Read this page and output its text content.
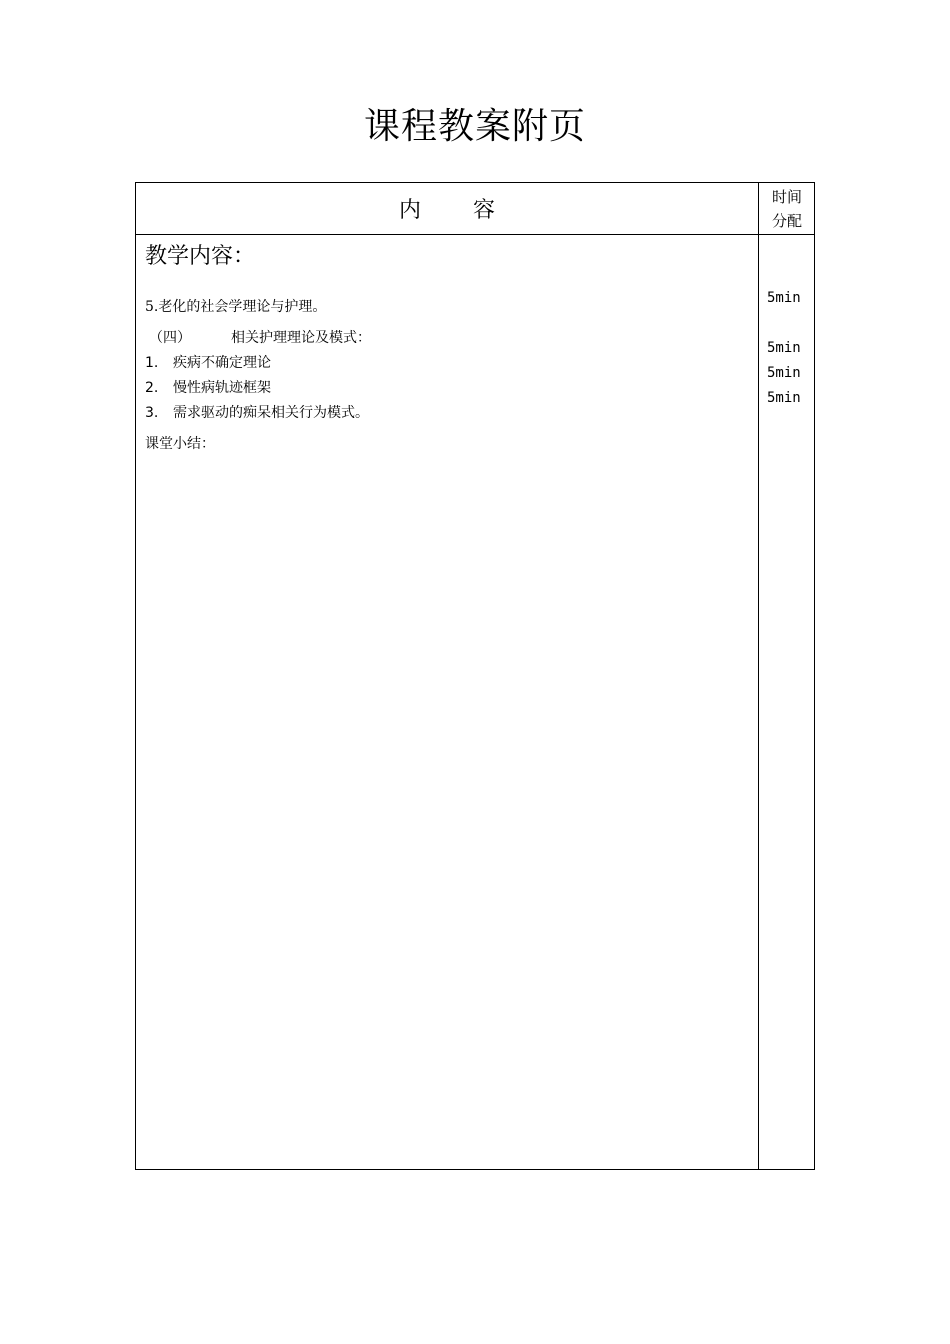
课程教案附页
内 容
时间
分配
教学内容：
5.老化的社会学理论与护理。
（四）	相关护理理论及模式：
1. 疾病不确定理论
2. 慢性病轨迹框架
3. 需求驱动的痴呆相关行为模式。
课堂小结：
5min
5min
5min
5min
